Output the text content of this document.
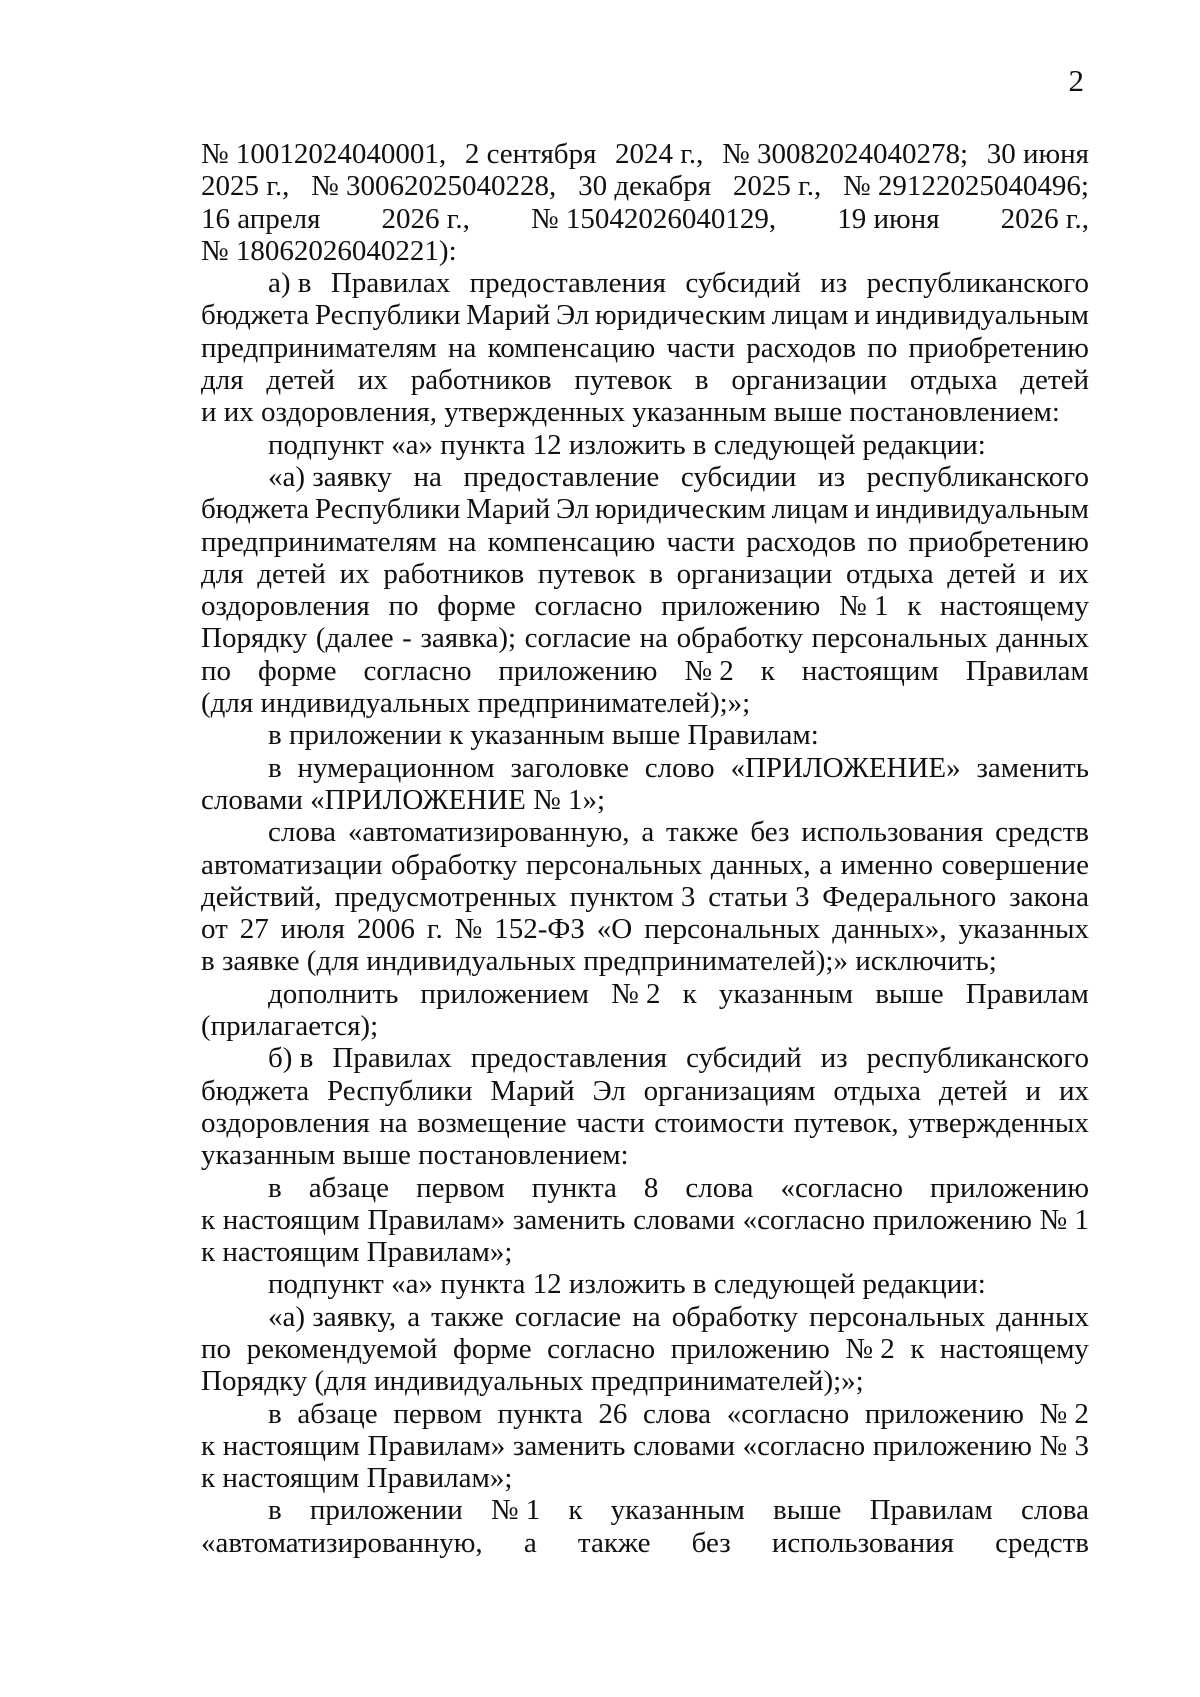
2
№ 10012024040001, 2 сентября 2024 г., № 30082024040278; 30 июня
2025 г., № 30062025040228, 30 декабря 2025 г., № 29122025040496;
16 апреля 2026 г., № 15042026040129, 19 июня 2026 г.,
№ 18062026040221):
а) в Правилах предоставления субсидий из республиканского
бюджета Республики Марий Эл юридическим лицам и индивидуальным
предпринимателям на компенсацию части расходов по приобретению
для детей их работников путевок в организации отдыха детей
и их оздоровления, утвержденных указанным выше постановлением:
подпункт «а» пункта 12 изложить в следующей редакции:
«а) заявку на предоставление субсидии из республиканского
бюджета Республики Марий Эл юридическим лицам и индивидуальным
предпринимателям на компенсацию части расходов по приобретению
для детей их работников путевок в организации отдыха детей и их
оздоровления по форме согласно приложению № 1 к настоящему
Порядку (далее - заявка); согласие на обработку персональных данных
по форме согласно приложению № 2 к настоящим Правилам
(для индивидуальных предпринимателей);»;
в приложении к указанным выше Правилам:
в нумерационном заголовке слово «ПРИЛОЖЕНИЕ» заменить
словами «ПРИЛОЖЕНИЕ № 1»;
слова «автоматизированную, а также без использования средств
автоматизации обработку персональных данных, а именно совершение
действий, предусмотренных пунктом 3 статьи 3 Федерального закона
от 27 июля 2006 г. № 152-ФЗ «О персональных данных», указанных
в заявке (для индивидуальных предпринимателей);» исключить;
дополнить приложением № 2 к указанным выше Правилам
(прилагается);
б) в Правилах предоставления субсидий из республиканского
бюджета Республики Марий Эл организациям отдыха детей и их
оздоровления на возмещение части стоимости путевок, утвержденных
указанным выше постановлением:
в абзаце первом пункта 8 слова «согласно приложению
к настоящим Правилам» заменить словами «согласно приложению № 1
к настоящим Правилам»;
подпункт «а» пункта 12 изложить в следующей редакции:
«а) заявку, а также согласие на обработку персональных данных
по рекомендуемой форме согласно приложению № 2 к настоящему
Порядку (для индивидуальных предпринимателей);»;
в абзаце первом пункта 26 слова «согласно приложению № 2
к настоящим Правилам» заменить словами «согласно приложению № 3
к настоящим Правилам»;
в приложении № 1 к указанным выше Правилам слова
«автоматизированную, а также без использования средств
